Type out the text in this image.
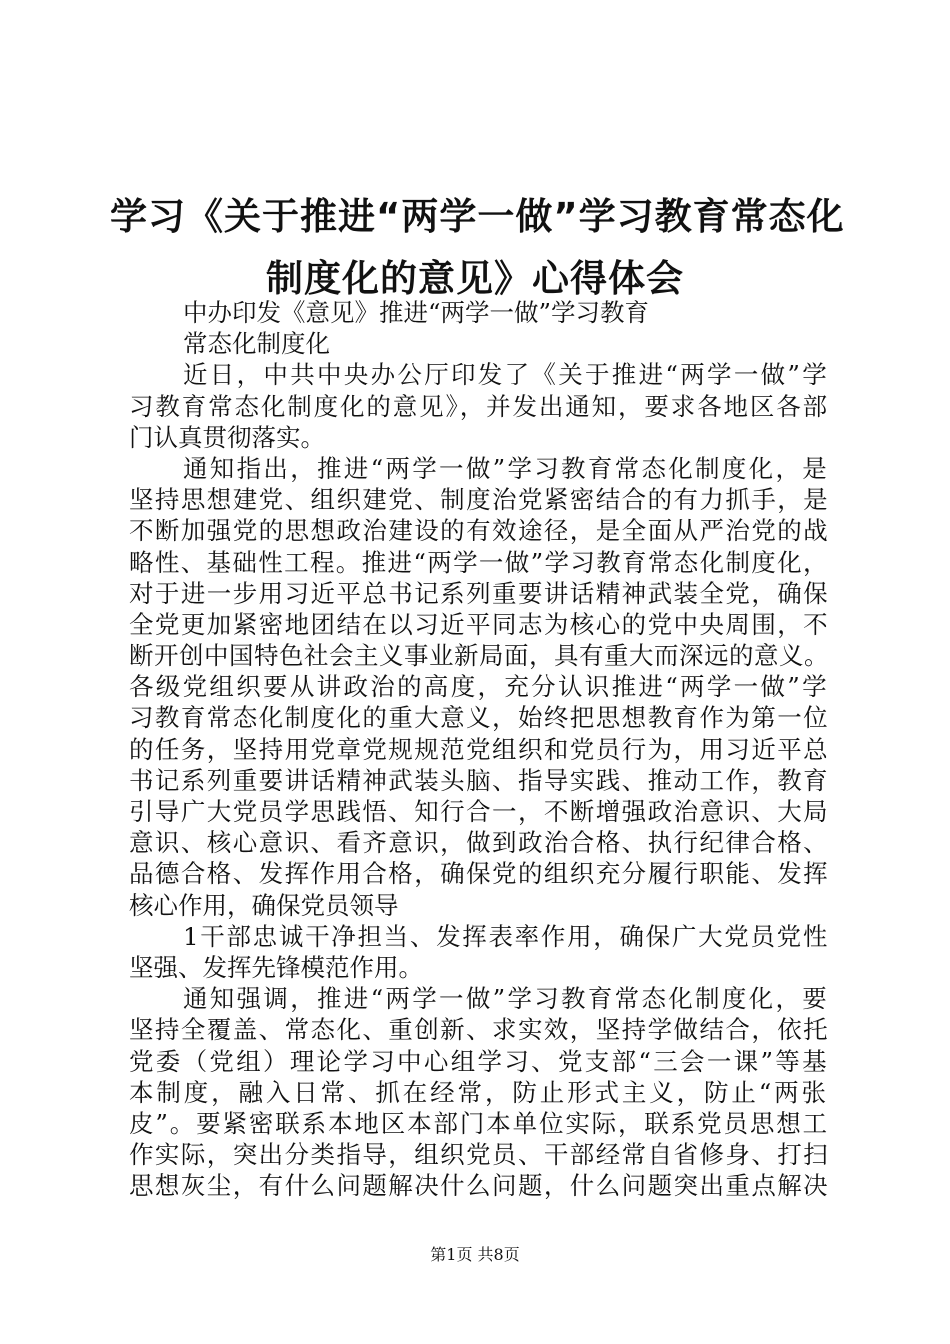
学习《关于推进“两学一做”学习教育常态化
制度化的意见》心得体会
中办印发《意见》推进“两学一做”学习教育
常态化制度化
近日，中共中央办公厅印发了《关于推进“两学一做”学
习教育常态化制度化的意见》，并发出通知，要求各地区各部
门认真贯彻落实。
通知指出，推进“两学一做”学习教育常态化制度化，是
坚持思想建党、组织建党、制度治党紧密结合的有力抓手，是
不断加强党的思想政治建设的有效途径，是全面从严治党的战
略性、基础性工程。推进“两学一做”学习教育常态化制度化，
对于进一步用习近平总书记系列重要讲话精神武装全党，确保
全党更加紧密地团结在以习近平同志为核心的党中央周围，不
断开创中国特色社会主义事业新局面，具有重大而深远的意义。
各级党组织要从讲政治的高度，充分认识推进“两学一做”学
习教育常态化制度化的重大意义，始终把思想教育作为第一位
的任务，坚持用党章党规规范党组织和党员行为，用习近平总
书记系列重要讲话精神武装头脑、指导实践、推动工作，教育
引导广大党员学思践悟、知行合一，不断增强政治意识、大局
意识、核心意识、看齐意识，做到政治合格、执行纪律合格、
品德合格、发挥作用合格，确保党的组织充分履行职能、发挥
核心作用，确保党员领导
1干部忠诚干净担当、发挥表率作用，确保广大党员党性
坚强、发挥先锋模范作用。
通知强调，推进“两学一做”学习教育常态化制度化，要
坚持全覆盖、常态化、重创新、求实效，坚持学做结合，依托
党委（党组）理论学习中心组学习、党支部“三会一课”等基
本制度，融入日常、抓在经常，防止形式主义，防止“两张
皮”。要紧密联系本地区本部门本单位实际，联系党员思想工
作实际，突出分类指导，组织党员、干部经常自省修身、打扫
思想灰尘，有什么问题解决什么问题，什么问题突出重点解决
第1页 共8页
